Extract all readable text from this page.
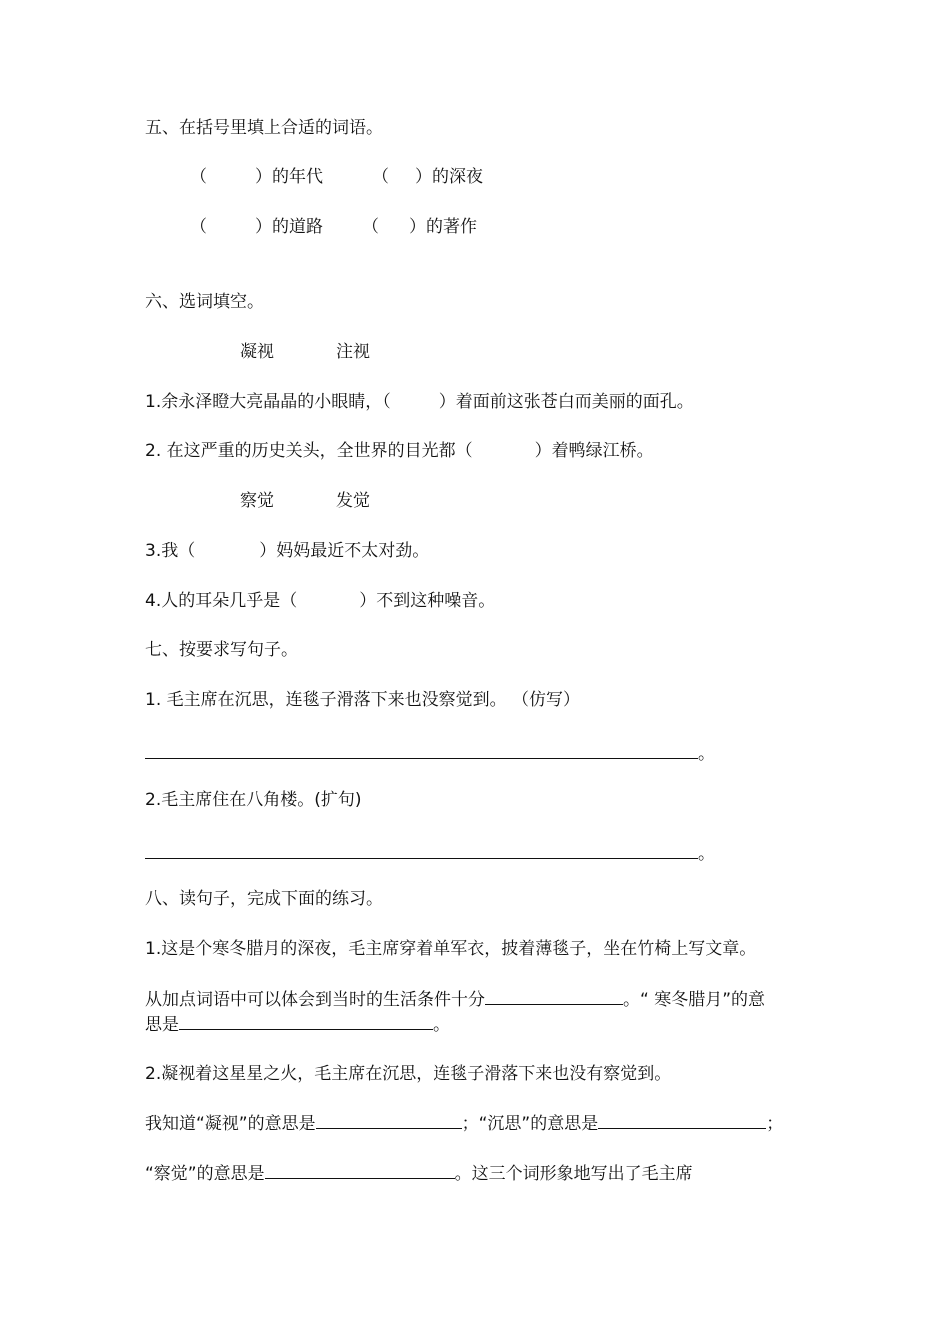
五、在括号里填上合适的词语。
（	）的年代	（ ）的深夜
（	）的道路 （ ）的著作
六、选词填空。
凝视	注视
1.余永泽瞪大亮晶晶的小眼睛，（	）着面前这张苍白而美丽的面孔。
2. 在这严重的历史关头，全世界的目光都（	）着鸭绿江桥。
察觉	发觉
3.我（	）妈妈最近不太对劲。
4.人的耳朵几乎是（	）不到这种噪音。
七、按要求写句子。
1. 毛主席在沉思，连毯子滑落下来也没察觉到。 （仿写）
。
2.毛主席住在八角楼。(扩句)
。
八、读句子，完成下面的练习。
1.这是个寒冬腊月的深夜，毛主席穿着单军衣，披着薄毯子，坐在竹椅上写文章。
从加点词语中可以体会到当时的生活条件十分	。“ 寒冬腊月”的意
思是	。
2.凝视着这星星之火，毛主席在沉思，连毯子滑落下来也没有察觉到。
我知道“凝视”的意思是	；“沉思”的意思是	；
“察觉”的意思是	。这三个词形象地写出了毛主席
